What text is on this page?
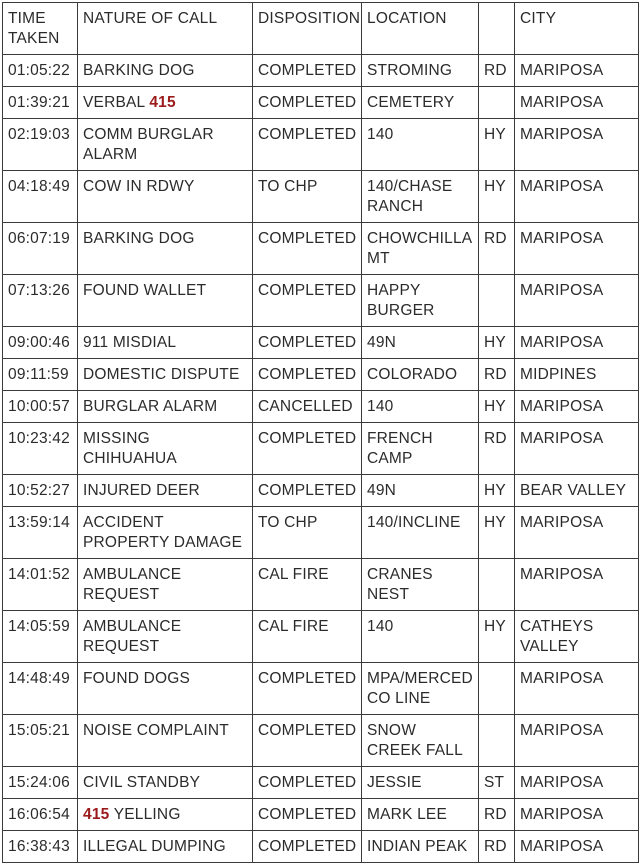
TIME TAKEN	NATURE OF CALL	DISPOSITION	LOCATION		CITY
01:05:22	BARKING DOG	COMPLETED	STROMING	RD	MARIPOSA
01:39:21	VERBAL 415	COMPLETED	CEMETERY		MARIPOSA
02:19:03	COMM BURGLAR ALARM	COMPLETED	140	HY	MARIPOSA
04:18:49	COW IN RDWY	TO CHP	140/CHASE RANCH	HY	MARIPOSA
06:07:19	BARKING DOG	COMPLETED	CHOWCHILLA MT	RD	MARIPOSA
07:13:26	FOUND WALLET	COMPLETED	HAPPY BURGER		MARIPOSA
09:00:46	911 MISDIAL	COMPLETED	49N	HY	MARIPOSA
09:11:59	DOMESTIC DISPUTE	COMPLETED	COLORADO	RD	MIDPINES
10:00:57	BURGLAR ALARM	CANCELLED	140	HY	MARIPOSA
10:23:42	MISSING CHIHUAHUA	COMPLETED	FRENCH CAMP	RD	MARIPOSA
10:52:27	INJURED DEER	COMPLETED	49N	HY	BEAR VALLEY
13:59:14	ACCIDENT PROPERTY DAMAGE	TO CHP	140/INCLINE	HY	MARIPOSA
14:01:52	AMBULANCE REQUEST	CAL FIRE	CRANES NEST		MARIPOSA
14:05:59	AMBULANCE REQUEST	CAL FIRE	140	HY	CATHEYS VALLEY
14:48:49	FOUND DOGS	COMPLETED	MPA/MERCED CO LINE		MARIPOSA
15:05:21	NOISE COMPLAINT	COMPLETED	SNOW CREEK FALL		MARIPOSA
15:24:06	CIVIL STANDBY	COMPLETED	JESSIE	ST	MARIPOSA
16:06:54	415 YELLING	COMPLETED	MARK LEE	RD	MARIPOSA
16:38:43	ILLEGAL DUMPING	COMPLETED	INDIAN PEAK	RD	MARIPOSA
